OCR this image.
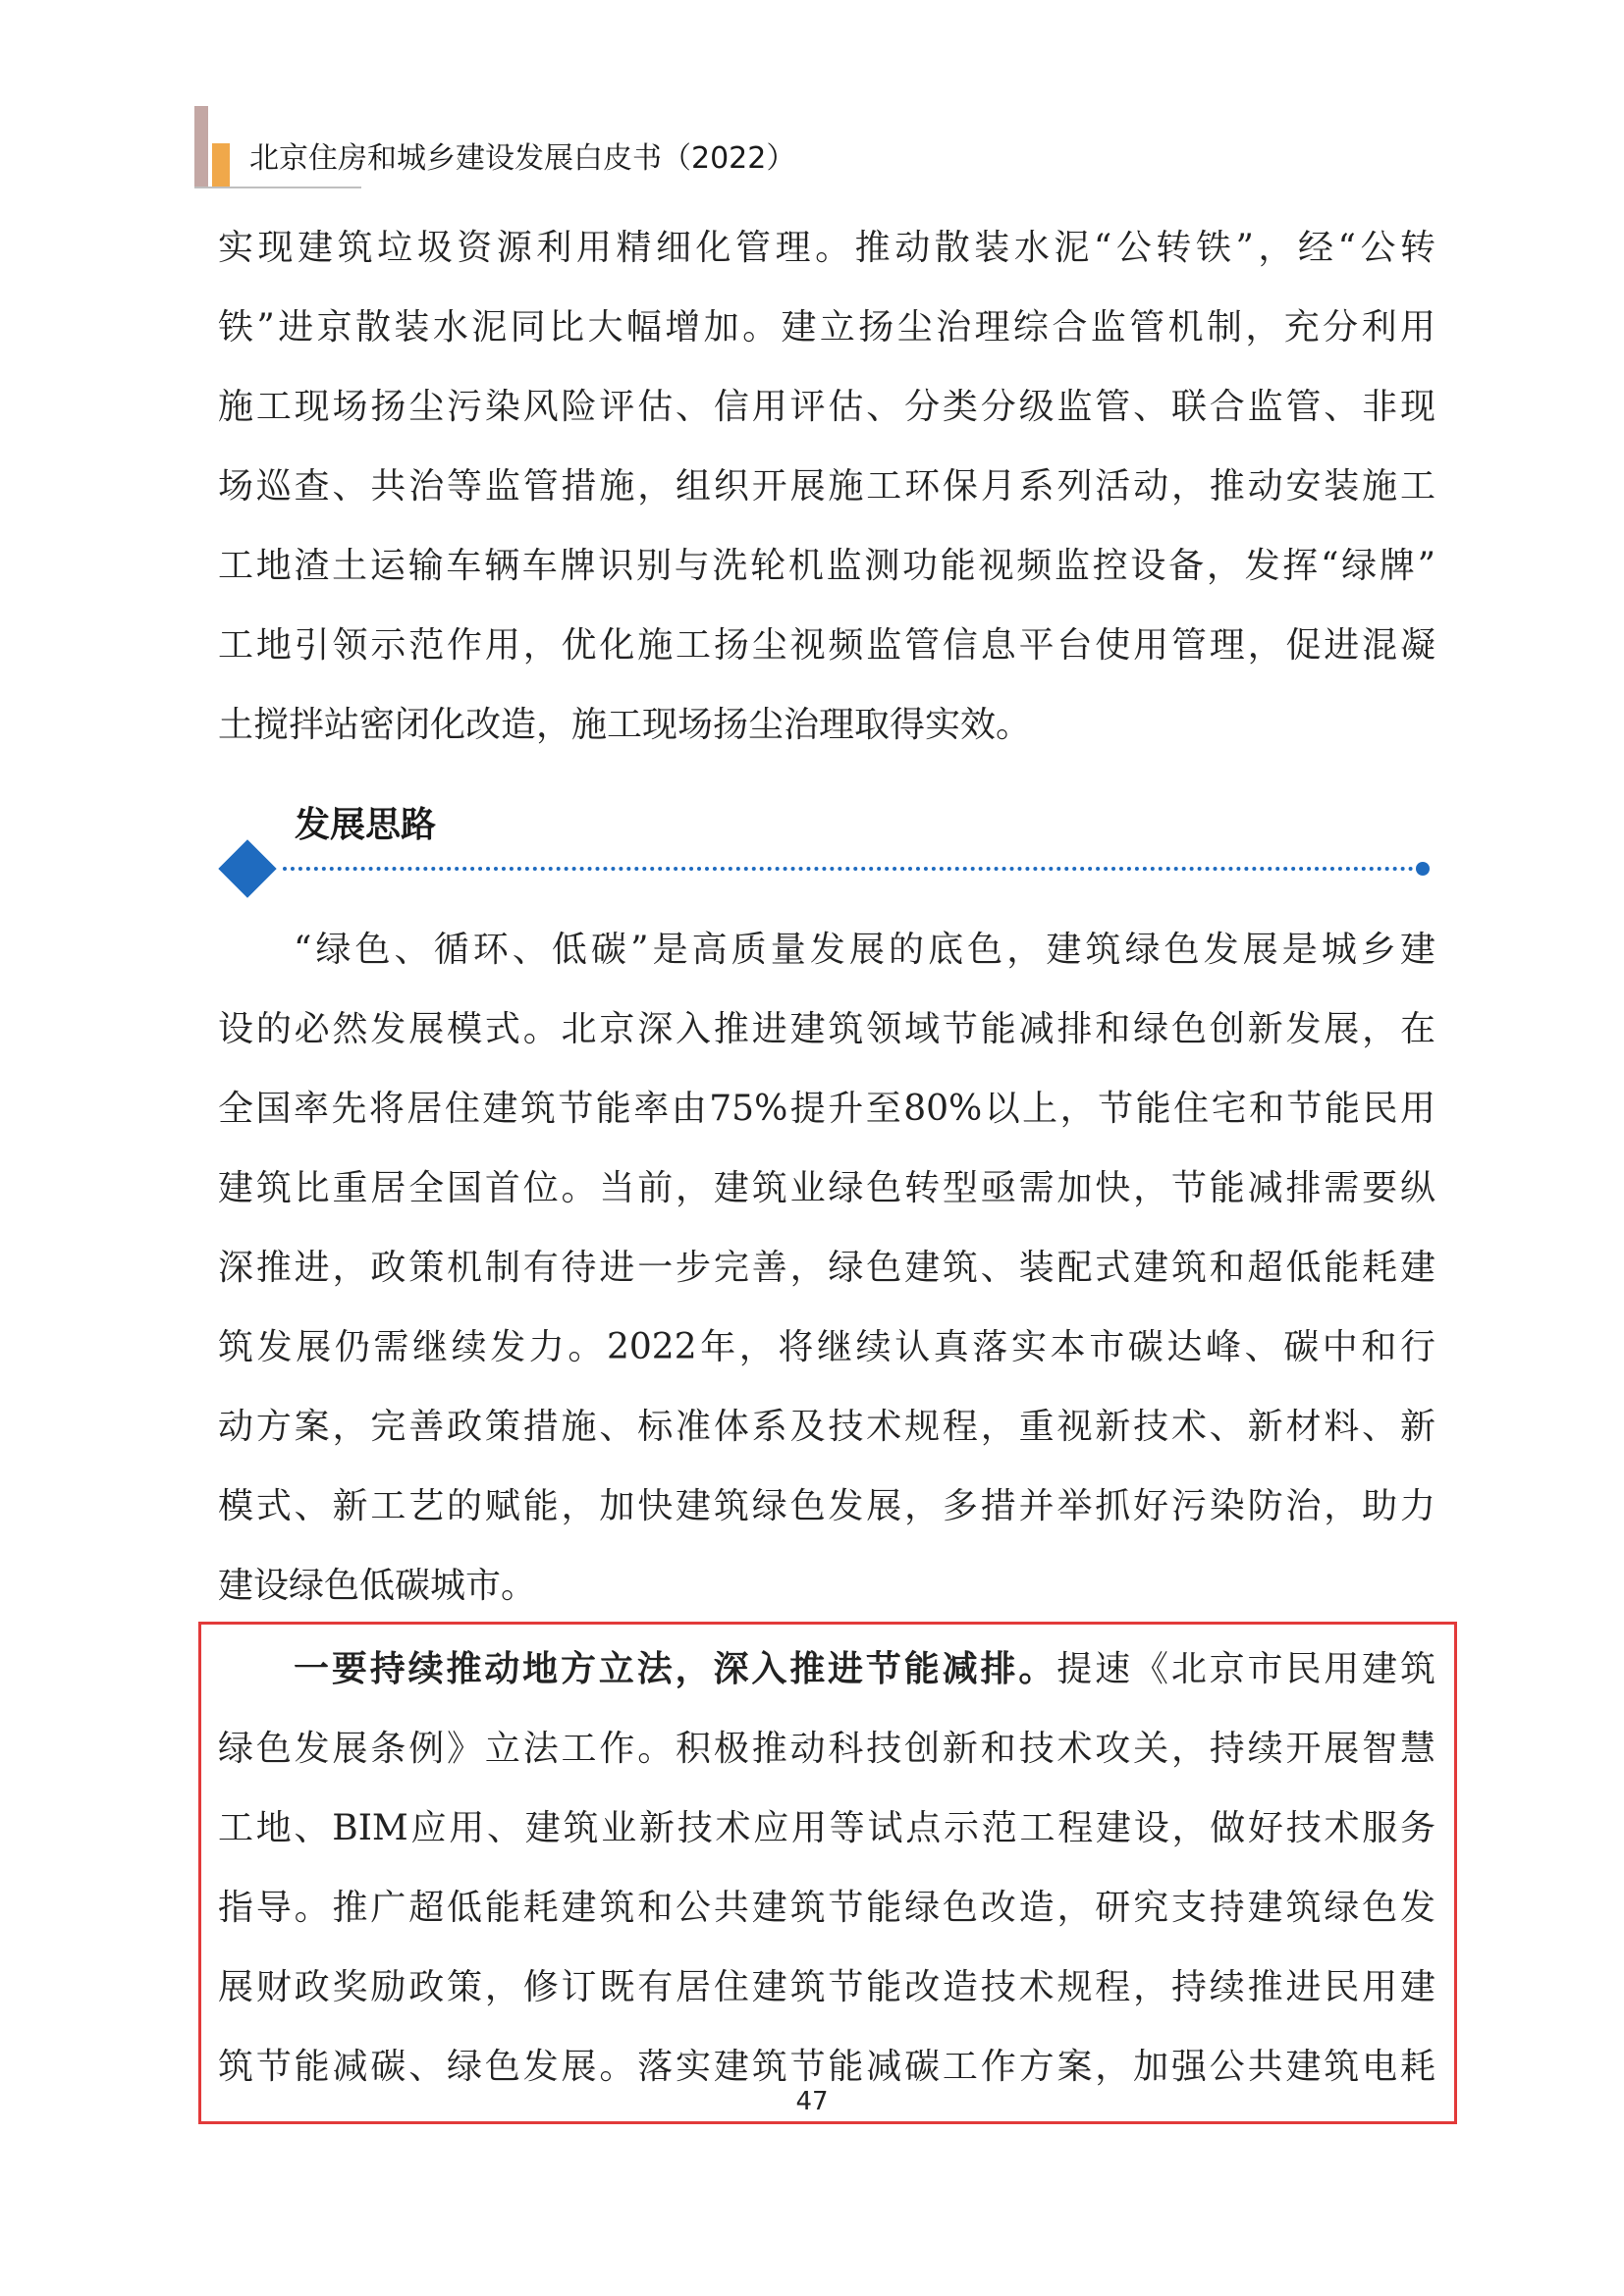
北京住房和城乡建设发展白皮书（2022）
实现建筑垃圾资源利用精细化管理。推动散装水泥“公转铁”，经“公转
铁”进京散装水泥同比大幅增加。建立扬尘治理综合监管机制，充分利用
施工现场扬尘污染风险评估、信用评估、分类分级监管、联合监管、非现
场巡查、共治等监管措施，组织开展施工环保月系列活动，推动安装施工
工地渣土运输车辆车牌识别与洗轮机监测功能视频监控设备，发挥“绿牌”
工地引领示范作用，优化施工扬尘视频监管信息平台使用管理，促进混凝
土搅拌站密闭化改造，施工现场扬尘治理取得实效。
发展思路
“绿色、循环、低碳”是高质量发展的底色，建筑绿色发展是城乡建
设的必然发展模式。北京深入推进建筑领域节能减排和绿色创新发展，在
全国率先将居住建筑节能率由75%提升至80%以上，节能住宅和节能民用
建筑比重居全国首位。当前，建筑业绿色转型亟需加快，节能减排需要纵
深推进，政策机制有待进一步完善，绿色建筑、装配式建筑和超低能耗建
筑发展仍需继续发力。2022年，将继续认真落实本市碳达峰、碳中和行
动方案，完善政策措施、标准体系及技术规程，重视新技术、新材料、新
模式、新工艺的赋能，加快建筑绿色发展，多措并举抓好污染防治，助力
建设绿色低碳城市。
一要持续推动地方立法，深入推进节能减排。提速《北京市民用建筑
绿色发展条例》立法工作。积极推动科技创新和技术攻关，持续开展智慧
工地、BIM应用、建筑业新技术应用等试点示范工程建设，做好技术服务
指导。推广超低能耗建筑和公共建筑节能绿色改造，研究支持建筑绿色发
展财政奖励政策，修订既有居住建筑节能改造技术规程，持续推进民用建
筑节能减碳、绿色发展。落实建筑节能减碳工作方案，加强公共建筑电耗
47
